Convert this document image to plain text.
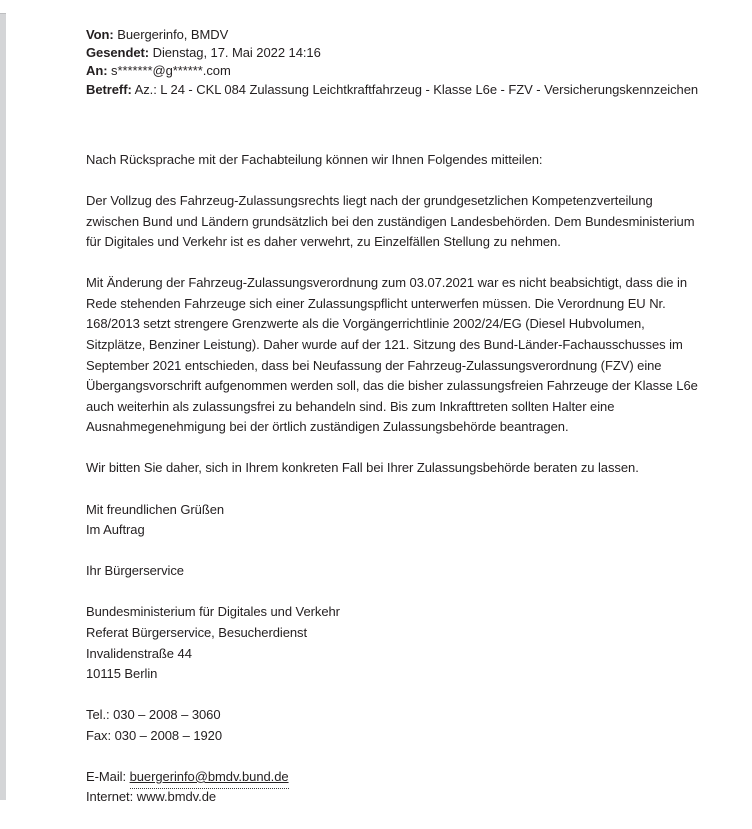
Von: Buergerinfo, BMDV
Gesendet: Dienstag, 17. Mai 2022 14:16
An: s*******@g******.com
Betreff: Az.: L 24 - CKL 084 Zulassung Leichtkraftfahrzeug - Klasse L6e - FZV - Versicherungskennzeichen

Nach Rücksprache mit der Fachabteilung können wir Ihnen Folgendes mitteilen:

Der Vollzug des Fahrzeug-Zulassungsrechts liegt nach der grundgesetzlichen Kompetenzverteilung zwischen Bund und Ländern grundsätzlich bei den zuständigen Landesbehörden. Dem Bundesministerium für Digitales und Verkehr ist es daher verwehrt, zu Einzelfällen Stellung zu nehmen.

Mit Änderung der Fahrzeug-Zulassungsverordnung zum 03.07.2021 war es nicht beabsichtigt, dass die in Rede stehenden Fahrzeuge sich einer Zulassungspflicht unterwerfen müssen. Die Verordnung EU Nr. 168/2013 setzt strengere Grenzwerte als die Vorgängerrichtlinie 2002/24/EG (Diesel Hubvolumen, Sitzplätze, Benziner Leistung). Daher wurde auf der 121. Sitzung des Bund-Länder-Fachausschusses im September 2021 entschieden, dass bei Neufassung der Fahrzeug-Zulassungsverordnung (FZV) eine Übergangsvorschrift aufgenommen werden soll, das die bisher zulassungsfreien Fahrzeuge der Klasse L6e auch weiterhin als zulassungsfrei zu behandeln sind. Bis zum Inkrafttreten sollten Halter eine Ausnahmegenehmigung bei der örtlich zuständigen Zulassungsbehörde beantragen.

Wir bitten Sie daher, sich in Ihrem konkreten Fall bei Ihrer Zulassungsbehörde beraten zu lassen.

Mit freundlichen Grüßen

Im Auftrag

Ihr Bürgerservice

Bundesministerium für Digitales und Verkehr

Referat Bürgerservice, Besucherdienst

Invalidenstraße 44

10115 Berlin

Tel.: 030 – 2008 – 3060

Fax: 030 – 2008 – 1920

E-Mail: buergerinfo@bmdv.bund.de

Internet: www.bmdv.de
